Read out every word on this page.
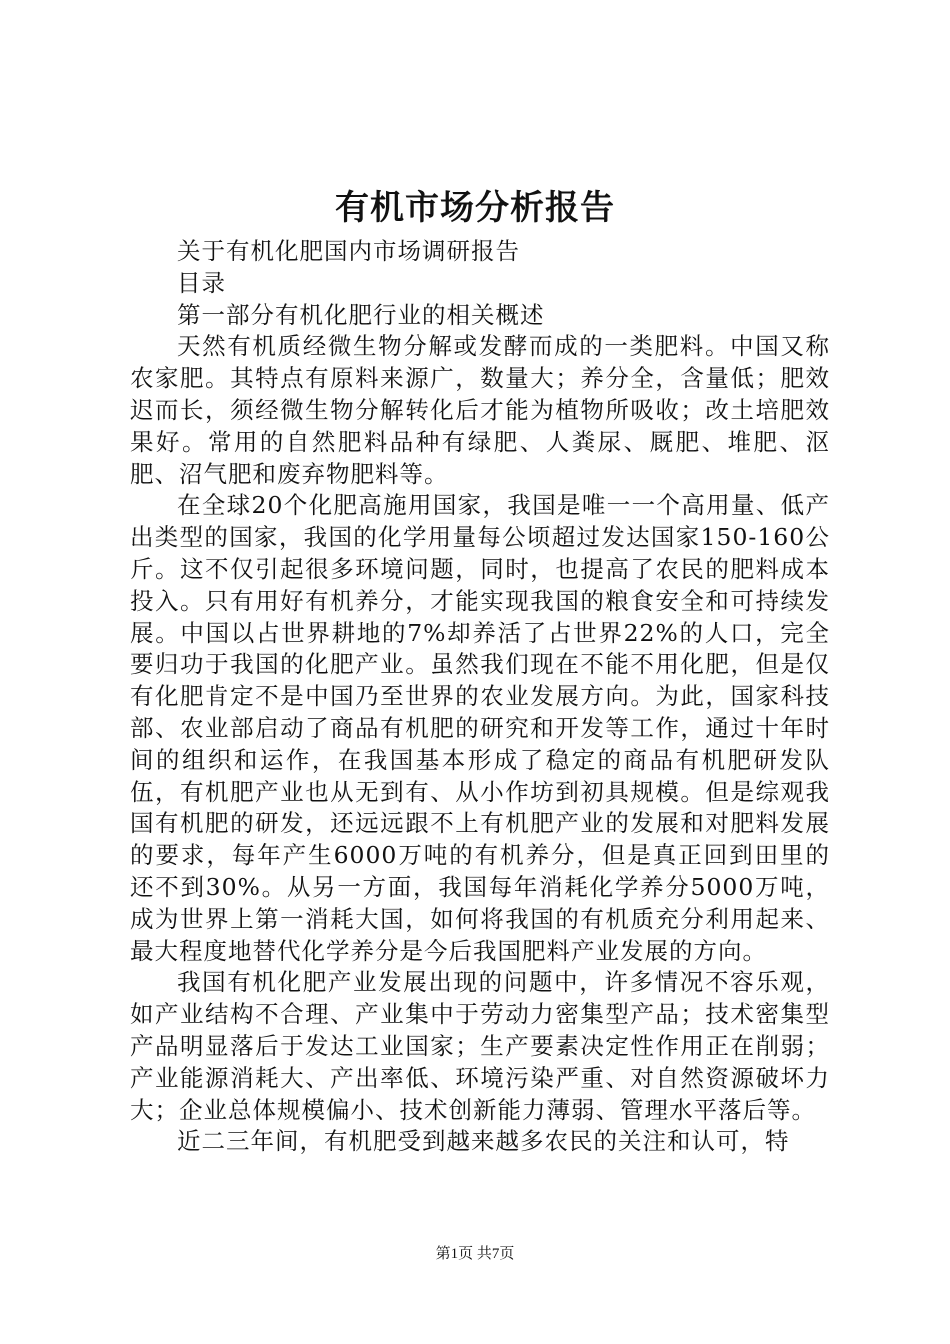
有机市场分析报告

关于有机化肥国内市场调研报告

目录

第一部分有机化肥行业的相关概述

天然有机质经微生物分解或发酵而成的一类肥料。中国又称农家肥。其特点有原料来源广，数量大；养分全，含量低；肥效迟而长，须经微生物分解转化后才能为植物所吸收；改土培肥效果好。常用的自然肥料品种有绿肥、人粪尿、厩肥、堆肥、沤肥、沼气肥和废弃物肥料等。

在全球20个化肥高施用国家，我国是唯一一个高用量、低产出类型的国家，我国的化学用量每公顷超过发达国家150-160公斤。这不仅引起很多环境问题，同时，也提高了农民的肥料成本投入。只有用好有机养分，才能实现我国的粮食安全和可持续发展。中国以占世界耕地的7%却养活了占世界22%的人口，完全要归功于我国的化肥产业。虽然我们现在不能不用化肥，但是仅有化肥肯定不是中国乃至世界的农业发展方向。为此，国家科技部、农业部启动了商品有机肥的研究和开发等工作，通过十年时间的组织和运作，在我国基本形成了稳定的商品有机肥研发队伍，有机肥产业也从无到有、从小作坊到初具规模。但是综观我国有机肥的研发，还远远跟不上有机肥产业的发展和对肥料发展的要求，每年产生6000万吨的有机养分，但是真正回到田里的还不到30%。从另一方面，我国每年消耗化学养分5000万吨，成为世界上第一消耗大国，如何将我国的有机质充分利用起来、最大程度地替代化学养分是今后我国肥料产业发展的方向。

我国有机化肥产业发展出现的问题中，许多情况不容乐观，如产业结构不合理、产业集中于劳动力密集型产品；技术密集型产品明显落后于发达工业国家；生产要素决定性作用正在削弱；产业能源消耗大、产出率低、环境污染严重、对自然资源破坏力大；企业总体规模偏小、技术创新能力薄弱、管理水平落后等。

近二三年间，有机肥受到越来越多农民的关注和认可，特

第1页 共7页
